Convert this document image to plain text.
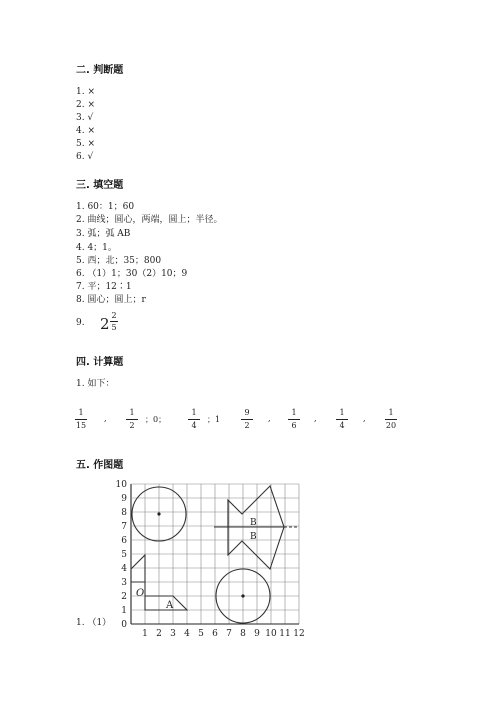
二. 判断题
1. ×
2. ×
3. √
4. ×
5. ×
6. √
三. 填空题
1. 60：1；60
2. 曲线；圆心，两端，圆上；半径。
3. 弧；弧 AB
4. 4；1。
5. 西；北；35；800
6. （1）1；30（2）10；9
7. 平；12∶1
8. 圆心；圆上；r
9. 2 2
5
四. 计算题
1. 如下：
1
15
,
1
2
；0；
1
4
；1
9
2
,
1
6
,
1
4
,
1
20
五. 作图题
1. （1）
1 2 3 4 5 6 7 8 9 10 11 12
0
1
2
3
4
5
6
7
8
9
10
A
O
B
B
